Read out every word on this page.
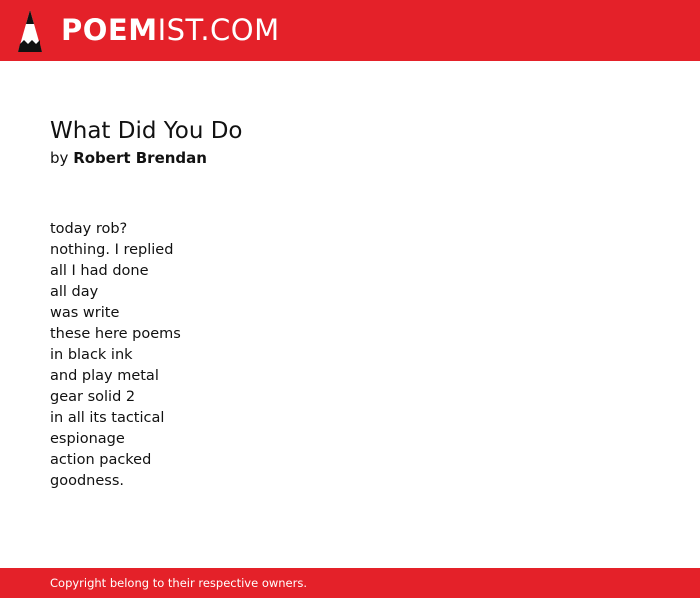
POEMIST.COM
What Did You Do
by Robert Brendan
today rob?
nothing. I replied
all I had done
all day
was write
these here poems
in black ink
and play metal
gear solid 2
in all its tactical
espionage
action packed
goodness.
Copyright belong to their respective owners.
